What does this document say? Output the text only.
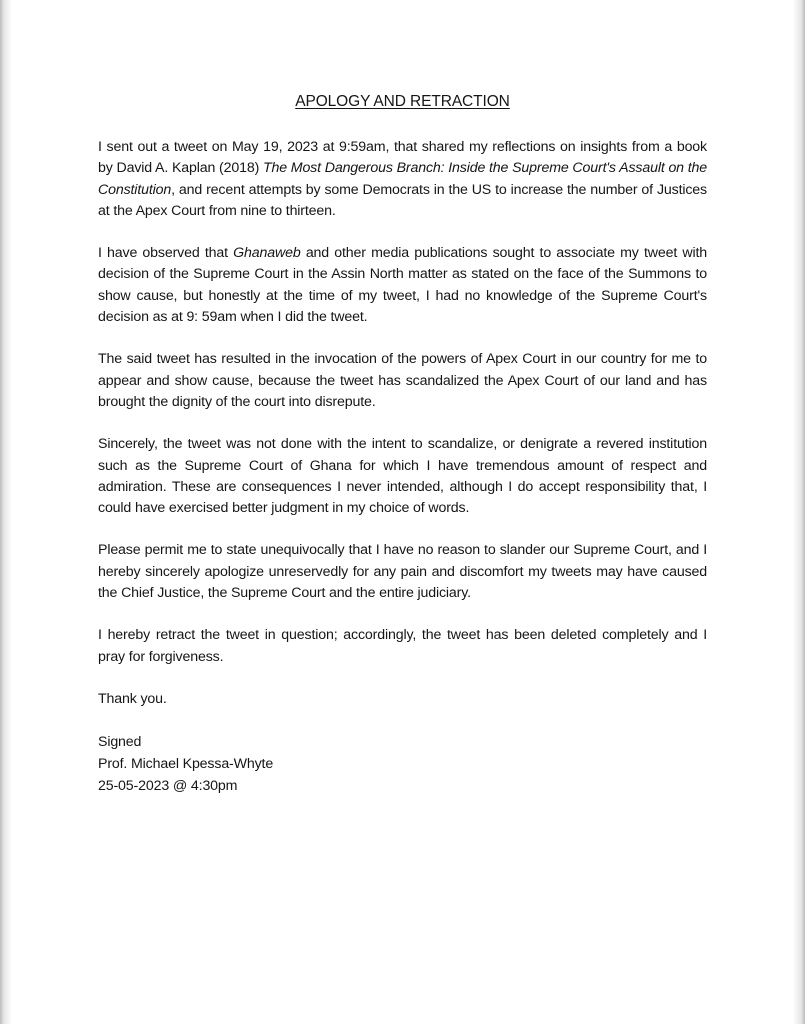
APOLOGY AND RETRACTION

I sent out a tweet on May 19, 2023 at 9:59am, that shared my reflections on insights from a book by David A. Kaplan (2018) The Most Dangerous Branch: Inside the Supreme Court's Assault on the Constitution, and recent attempts by some Democrats in the US to increase the number of Justices at the Apex Court from nine to thirteen.

I have observed that Ghanaweb and other media publications sought to associate my tweet with decision of the Supreme Court in the Assin North matter as stated on the face of the Summons to show cause, but honestly at the time of my tweet, I had no knowledge of the Supreme Court's decision as at 9: 59am when I did the tweet.

The said tweet has resulted in the invocation of the powers of Apex Court in our country for me to appear and show cause, because the tweet has scandalized the Apex Court of our land and has brought the dignity of the court into disrepute.

Sincerely, the tweet was not done with the intent to scandalize, or denigrate a revered institution such as the Supreme Court of Ghana for which I have tremendous amount of respect and admiration. These are consequences I never intended, although I do accept responsibility that, I could have exercised better judgment in my choice of words.

Please permit me to state unequivocally that I have no reason to slander our Supreme Court, and I hereby sincerely apologize unreservedly for any pain and discomfort my tweets may have caused the Chief Justice, the Supreme Court and the entire judiciary.

I hereby retract the tweet in question; accordingly, the tweet has been deleted completely and I pray for forgiveness.

Thank you.

Signed
Prof. Michael Kpessa-Whyte
25-05-2023 @ 4:30pm
